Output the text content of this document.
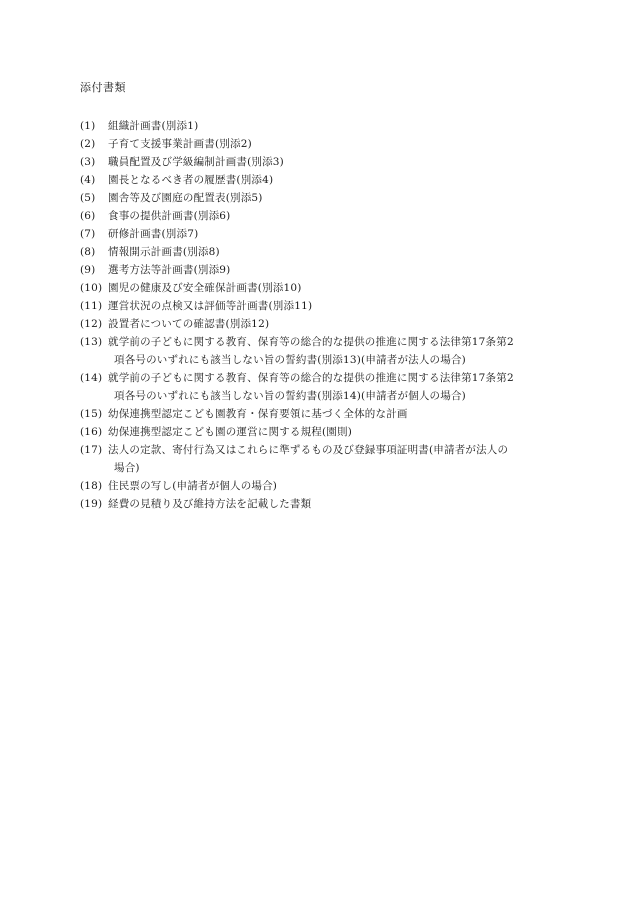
添付書類
(1)	組織計画書(別添1)
(2)	子育て支援事業計画書(別添2)
(3)	職員配置及び学級編制計画書(別添3)
(4)	園長となるべき者の履歴書(別添4)
(5)	園舎等及び園庭の配置表(別添5)
(6)	食事の提供計画書(別添6)
(7)	研修計画書(別添7)
(8)	情報開示計画書(別添8)
(9)	選考方法等計画書(別添9)
(10) 園児の健康及び安全確保計画書(別添10)
(11) 運営状況の点検又は評価等計画書(別添11)
(12) 設置者についての確認書(別添12)
(13) 就学前の子どもに関する教育、保育等の総合的な提供の推進に関する法律第17条第2
項各号のいずれにも該当しない旨の誓約書(別添13)(申請者が法人の場合)
(14) 就学前の子どもに関する教育、保育等の総合的な提供の推進に関する法律第17条第2
項各号のいずれにも該当しない旨の誓約書(別添14)(申請者が個人の場合)
(15) 幼保連携型認定こども園教育・保育要領に基づく全体的な計画
(16) 幼保連携型認定こども園の運営に関する規程(園則)
(17) 法人の定款、寄付行為又はこれらに準ずるもの及び登録事項証明書(申請者が法人の
場合)
(18) 住民票の写し(申請者が個人の場合)
(19) 経費の見積り及び維持方法を記載した書類
